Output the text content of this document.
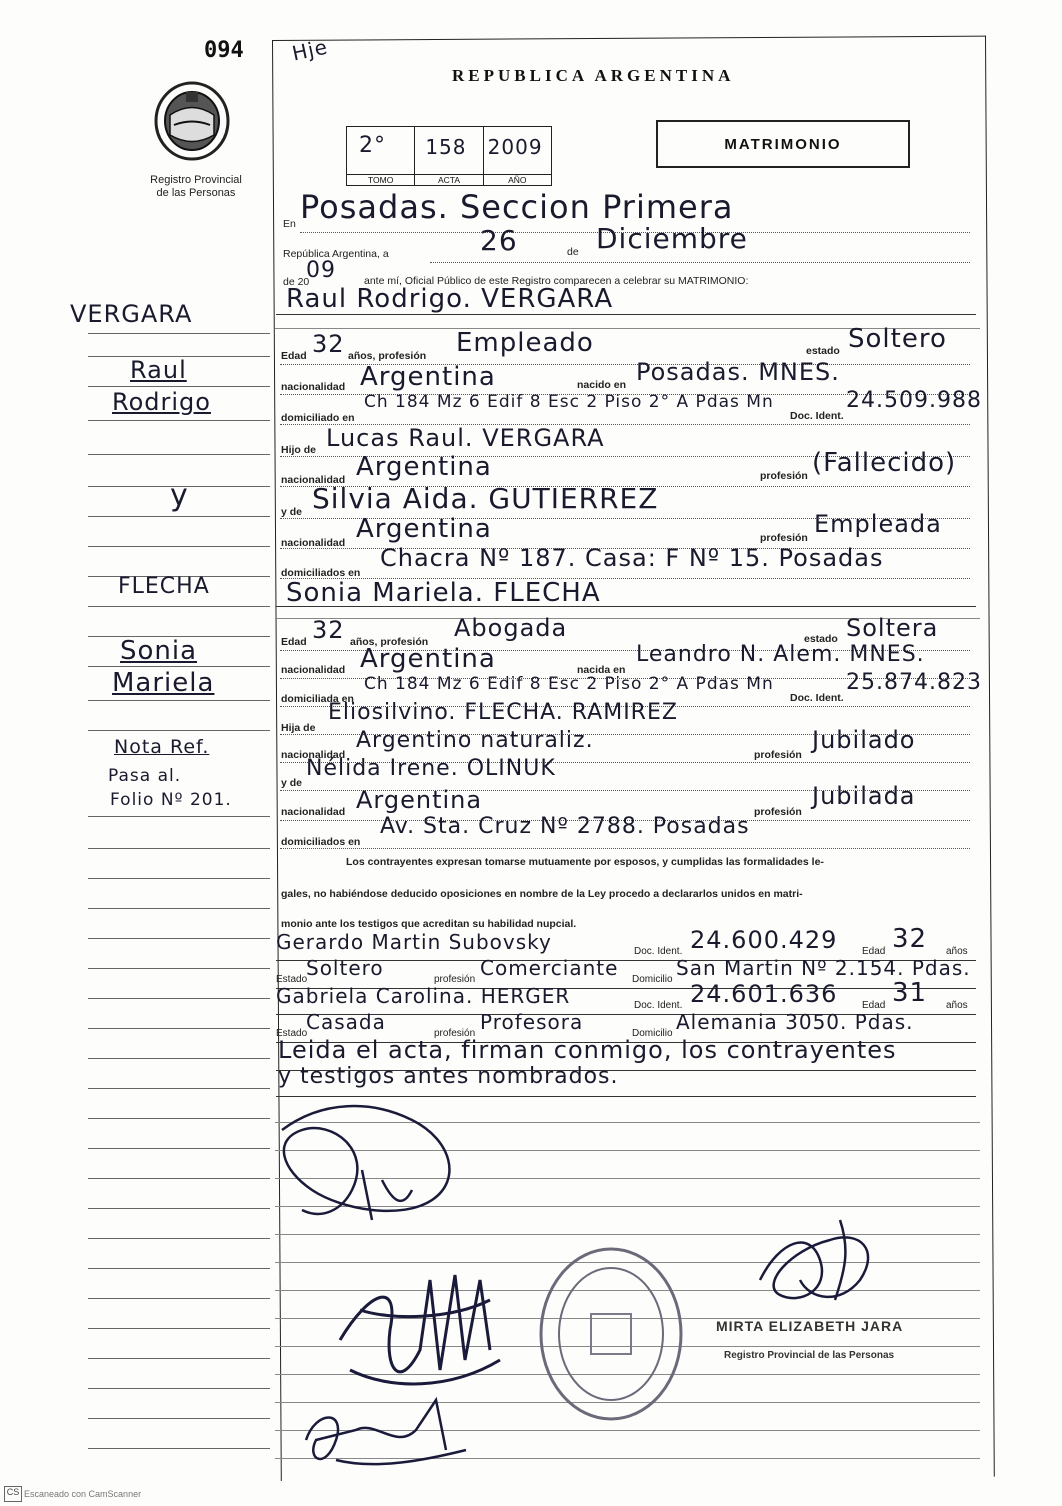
094 Hje
Registro Provincial
de las Personas
VERGARA
Raul
Rodrigo
y
FLECHA
Sonia
Mariela
Nota Ref.
Pasa al.
Folio Nº 201.
REPUBLICA ARGENTINA
MATRIMONIO
2°
TOMO
158
ACTA
2009
AÑO
En Posadas. Seccion Primera
República Argentina, a	26	de Diciembre
de 20
09	ante mí, Oficial Público de este Registro comparecen a celebrar su MATRIMONIO:
Raul Rodrigo. VERGARA
Edad 32 años, profesión Empleado	estado Soltero
nacionalidad Argentina	nacido en Posadas. MNES.
domiciliado en
Ch 184 Mz 6 Edif 8 Esc 2 Piso 2° A Pdas Mn
Doc. Ident.
24.509.988
Hijo de Lucas Raul. VERGARA
nacionalidad Argentina	profesión (Fallecido)
y de Silvia Aida. GUTIERREZ
nacionalidad Argentina	profesión Empleada
domiciliados en
Chacra Nº 187. Casa: F Nº 15. Posadas
Sonia Mariela. FLECHA
Edad 32 años, profesión Abogada	estado Soltera
nacionalidad Argentina	nacida en
Leandro N. Alem. MNES.
domiciliada en
Ch 184 Mz 6 Edif 8 Esc 2 Piso 2° A Pdas Mn
Doc. Ident.
25.874.823
Hija de
Eliosilvino. FLECHA. RAMIREZ
nacionalidad
Argentino naturaliz.
profesión
Jubilado
y de
Nélida Irene. OLINUK
nacionalidad Argentina	profesión
Jubilada
domiciliados en
Av. Sta. Cruz Nº 2788. Posadas
Los contrayentes expresan tomarse mutuamente por esposos, y cumplidas las formalidades le-
gales, no habiéndose deducido oposiciones en nombre de la Ley procedo a declararlos unidos en matri-
monio ante los testigos que acreditan su habilidad nupcial.
Gerardo Martin Subovsky	Doc. Ident. 24.600.429 Edad 32 años
Estado
Soltero	profesión Comerciante Domicilio San Martin Nº 2.154. Pdas.
Gabriela Carolina. HERGER	Doc. Ident. 24.601.636 Edad 31 años
Estado
Casada	profesión Profesora	Domicilio Alemania 3050. Pdas.
Leida el acta, firman conmigo, los contrayentes
y testigos antes nombrados.
MIRTA ELIZABETH JARA
Registro Provincial de las Personas
CS Escaneado con CamScanner
